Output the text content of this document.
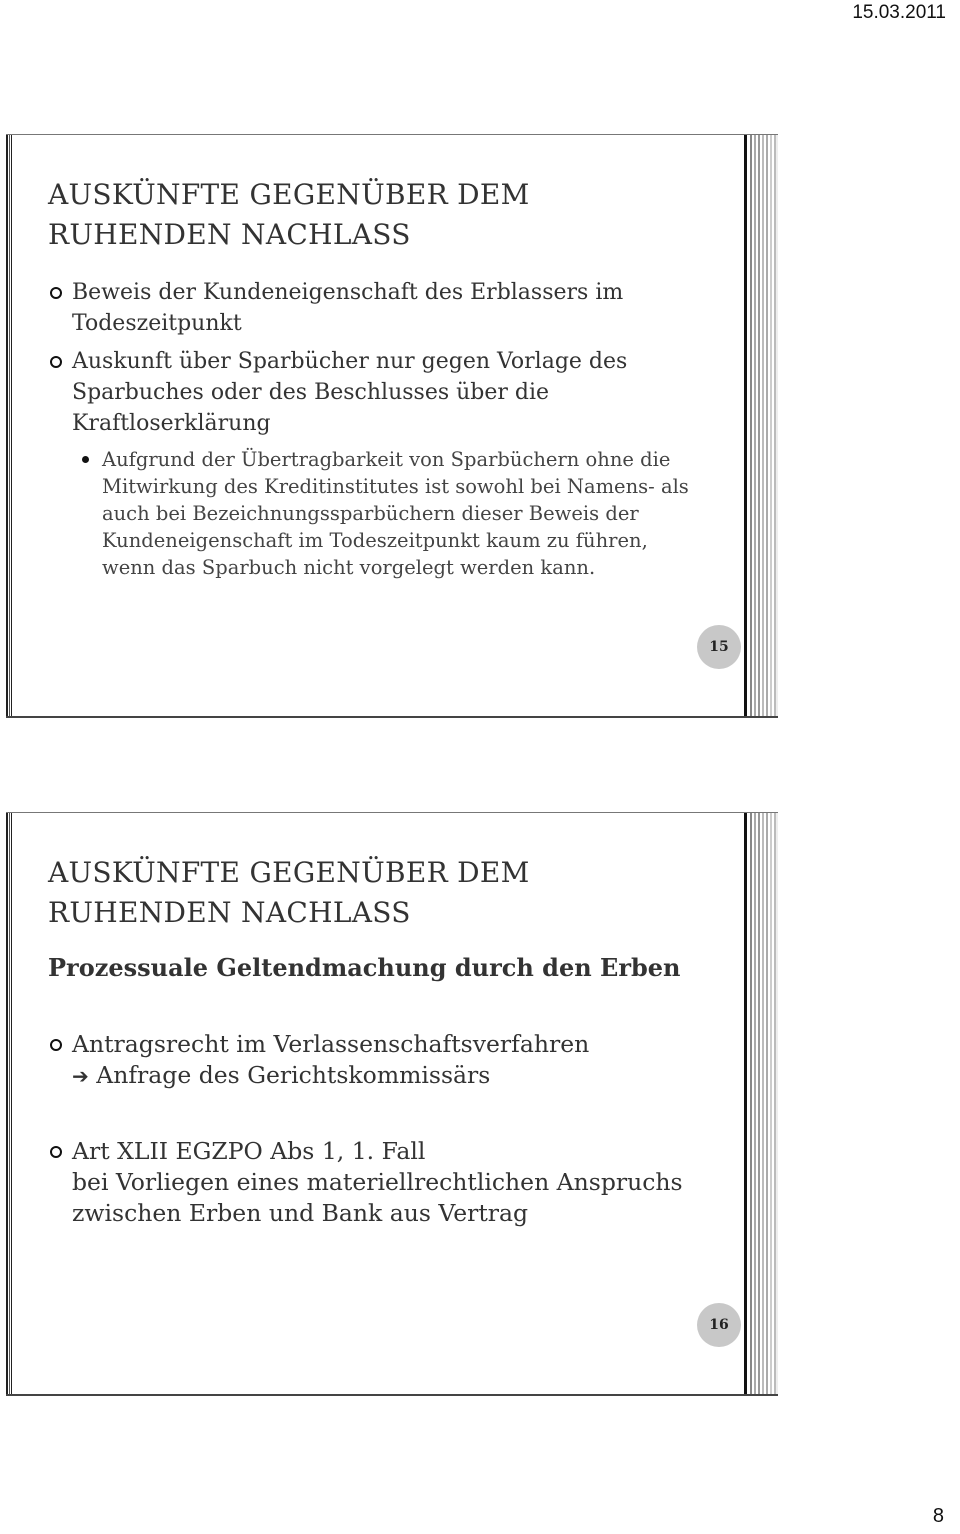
15.03.2011
AUSKÜNFTE GEGENÜBER DEM
RUHENDEN NACHLASS
Beweis der Kundeneigenschaft des Erblassers im Todeszeitpunkt
Auskunft über Sparbücher nur gegen Vorlage des Sparbuches oder des Beschlusses über die Kraftloserklärung
Aufgrund der Übertragbarkeit von Sparbüchern ohne die Mitwirkung des Kreditinstitutes ist sowohl bei Namens- als auch bei Bezeichnungssparbüchern dieser Beweis der Kundeneigenschaft im Todeszeitpunkt kaum zu führen, wenn das Sparbuch nicht vorgelegt werden kann.
15
AUSKÜNFTE GEGENÜBER DEM
RUHENDEN NACHLASS
Prozessuale Geltendmachung durch den Erben
Antragsrecht im Verlassenschaftsverfahren
➔ Anfrage des Gerichtskommissärs
Art XLII EGZPO Abs 1, 1. Fall
bei Vorliegen eines materiellrechtlichen Anspruchs zwischen Erben und Bank aus Vertrag
16
8
